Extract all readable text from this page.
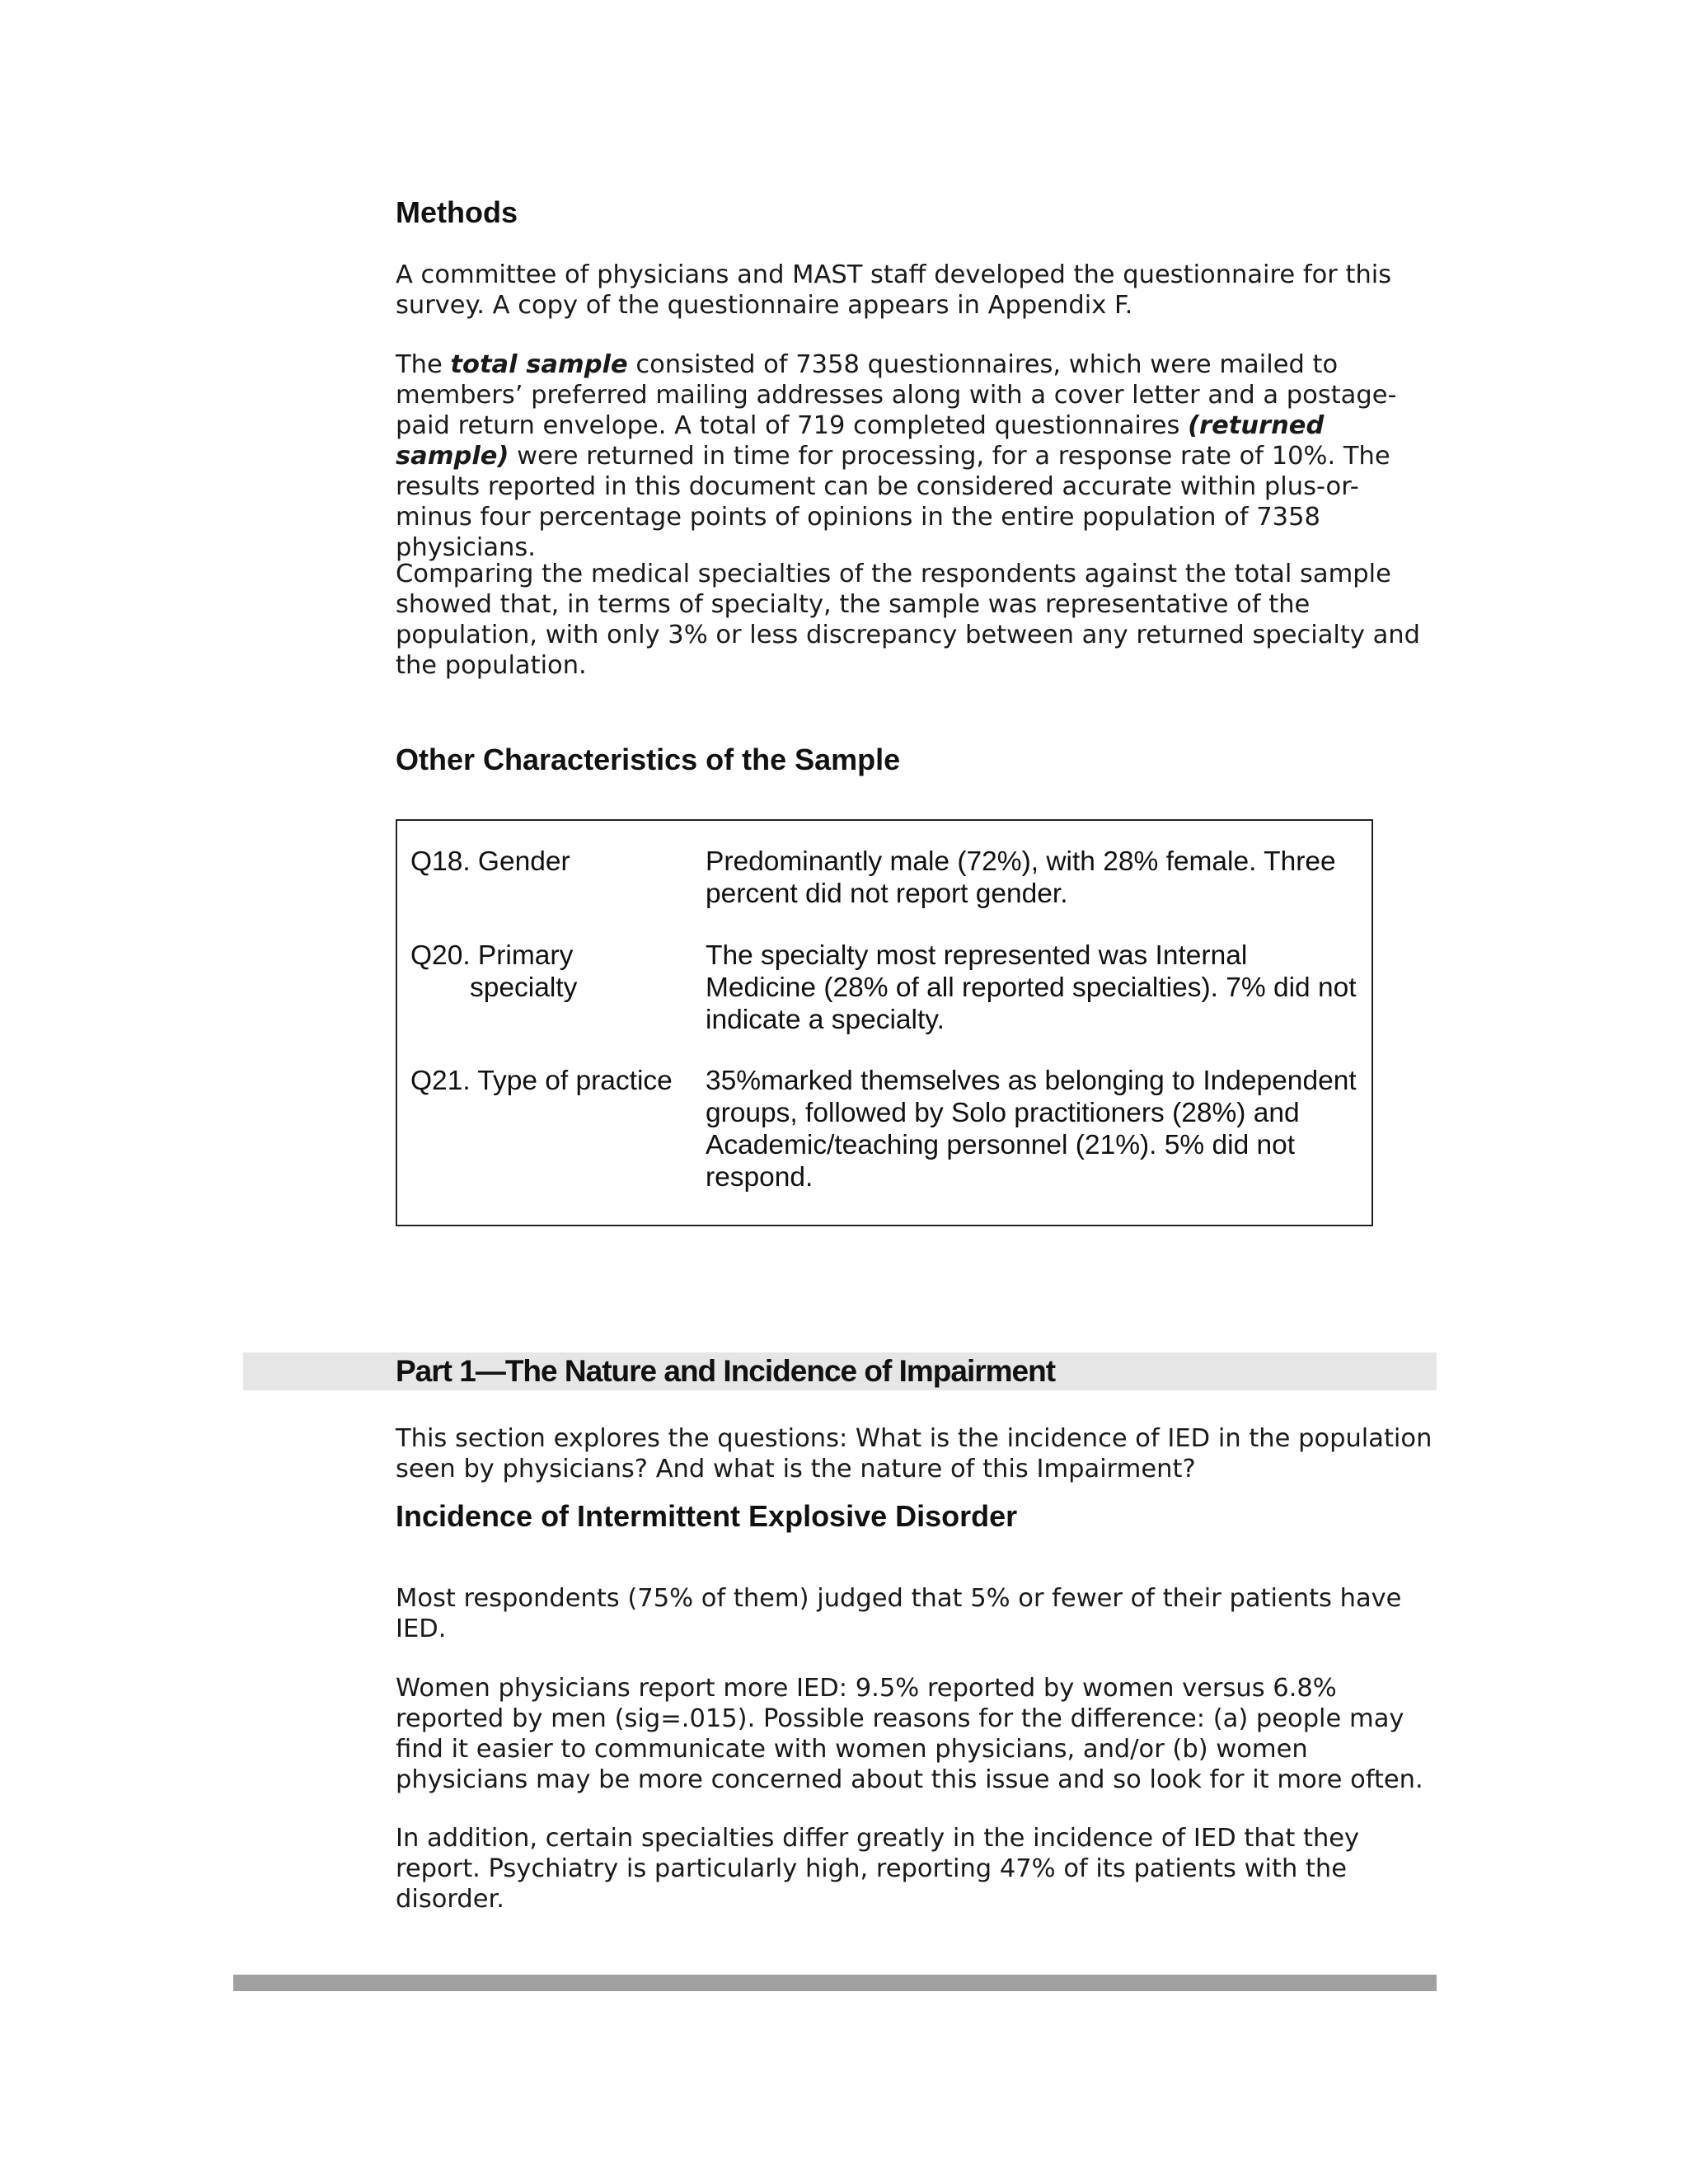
Methods

A committee of physicians and MAST staff developed the questionnaire for this survey. A copy of the questionnaire appears in Appendix F.

The total sample consisted of 7358 questionnaires, which were mailed to members’ preferred mailing addresses along with a cover letter and a postage-paid return envelope. A total of 719 completed questionnaires (returned sample) were returned in time for processing, for a response rate of 10%. The results reported in this document can be considered accurate within plus-or-minus four percentage points of opinions in the entire population of 7358 physicians.

Comparing the medical specialties of the respondents against the total sample showed that, in terms of specialty, the sample was representative of the population, with only 3% or less discrepancy between any returned specialty and the population.

Other Characteristics of the Sample

Q18. Gender	Predominantly male (72%), with 28% female. Three percent did not report gender.

Q20. Primary
specialty

The specialty most represented was Internal Medicine (28% of all reported specialties). 7% did not indicate a specialty.

Q21. Type of practice	35%marked themselves as belonging to Independent groups, followed by Solo practitioners (28%) and Academic/teaching personnel (21%). 5% did not respond.

Part 1—The Nature and Incidence of Impairment

This section explores the questions: What is the incidence of IED in the population seen by physicians? And what is the nature of this Impairment?

Incidence of Intermittent Explosive Disorder

Most respondents (75% of them) judged that 5% or fewer of their patients have IED.

Women physicians report more IED: 9.5% reported by women versus 6.8% reported by men (sig=.015). Possible reasons for the difference: (a) people may find it easier to communicate with women physicians, and/or (b) women physicians may be more concerned about this issue and so look for it more often.

In addition, certain specialties differ greatly in the incidence of IED that they report. Psychiatry is particularly high, reporting 47% of its patients with the disorder.
